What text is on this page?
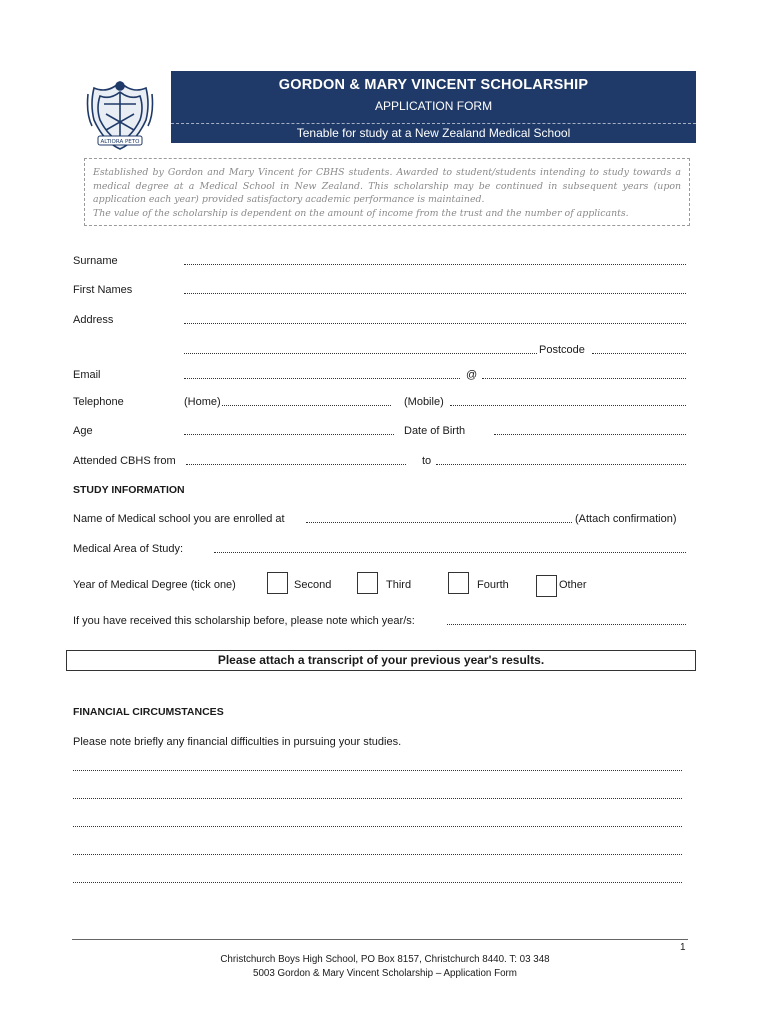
ALTIORA PETO
GORDON & MARY VINCENT SCHOLARSHIP
APPLICATION FORM
Tenable for study at a New Zealand Medical School
Established by Gordon and Mary Vincent for CBHS students. Awarded to student/students intending to study towards a medical degree at a Medical School in New Zealand. This scholarship may be continued in subsequent years (upon application each year) provided satisfactory academic performance is maintained.
The value of the scholarship is dependent on the amount of income from the trust and the number of applicants.
Surname
First Names
Address
Postcode
Email	@
Telephone	(Home)	(Mobile)
Age	Date of Birth
Attended CBHS from	to
STUDY INFORMATION
Name of Medical school you are enrolled at	(Attach confirmation)
Medical Area of Study:
Year of Medical Degree (tick one)	Second	Third	Fourth	Other
If you have received this scholarship before, please note which year/s:
Please attach a transcript of your previous year's results.
FINANCIAL CIRCUMSTANCES
Please note briefly any financial difficulties in pursuing your studies.
1
Christchurch Boys High School, PO Box 8157, Christchurch 8440. T: 03 348
5003 Gordon & Mary Vincent Scholarship – Application Form
